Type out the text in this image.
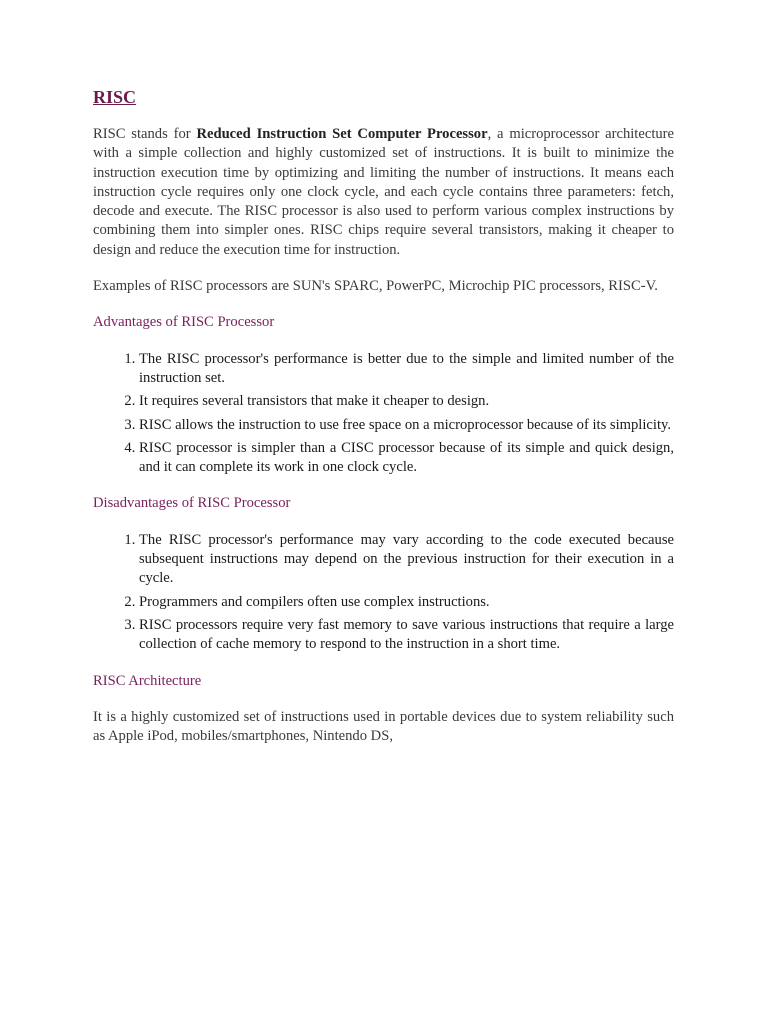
RISC

RISC stands for Reduced Instruction Set Computer Processor, a microprocessor architecture with a simple collection and highly customized set of instructions. It is built to minimize the instruction execution time by optimizing and limiting the number of instructions. It means each instruction cycle requires only one clock cycle, and each cycle contains three parameters: fetch, decode and execute. The RISC processor is also used to perform various complex instructions by combining them into simpler ones. RISC chips require several transistors, making it cheaper to design and reduce the execution time for instruction.

Examples of RISC processors are SUN's SPARC, PowerPC, Microchip PIC processors, RISC-V.

Advantages of RISC Processor
1. The RISC processor's performance is better due to the simple and limited number of the instruction set.
2. It requires several transistors that make it cheaper to design.
3. RISC allows the instruction to use free space on a microprocessor because of its simplicity.
4. RISC processor is simpler than a CISC processor because of its simple and quick design, and it can complete its work in one clock cycle.
Disadvantages of RISC Processor
1. The RISC processor's performance may vary according to the code executed because subsequent instructions may depend on the previous instruction for their execution in a cycle.
2. Programmers and compilers often use complex instructions.
3. RISC processors require very fast memory to save various instructions that require a large collection of cache memory to respond to the instruction in a short time.
RISC Architecture

It is a highly customized set of instructions used in portable devices due to system reliability such as Apple iPod, mobiles/smartphones, Nintendo DS,
